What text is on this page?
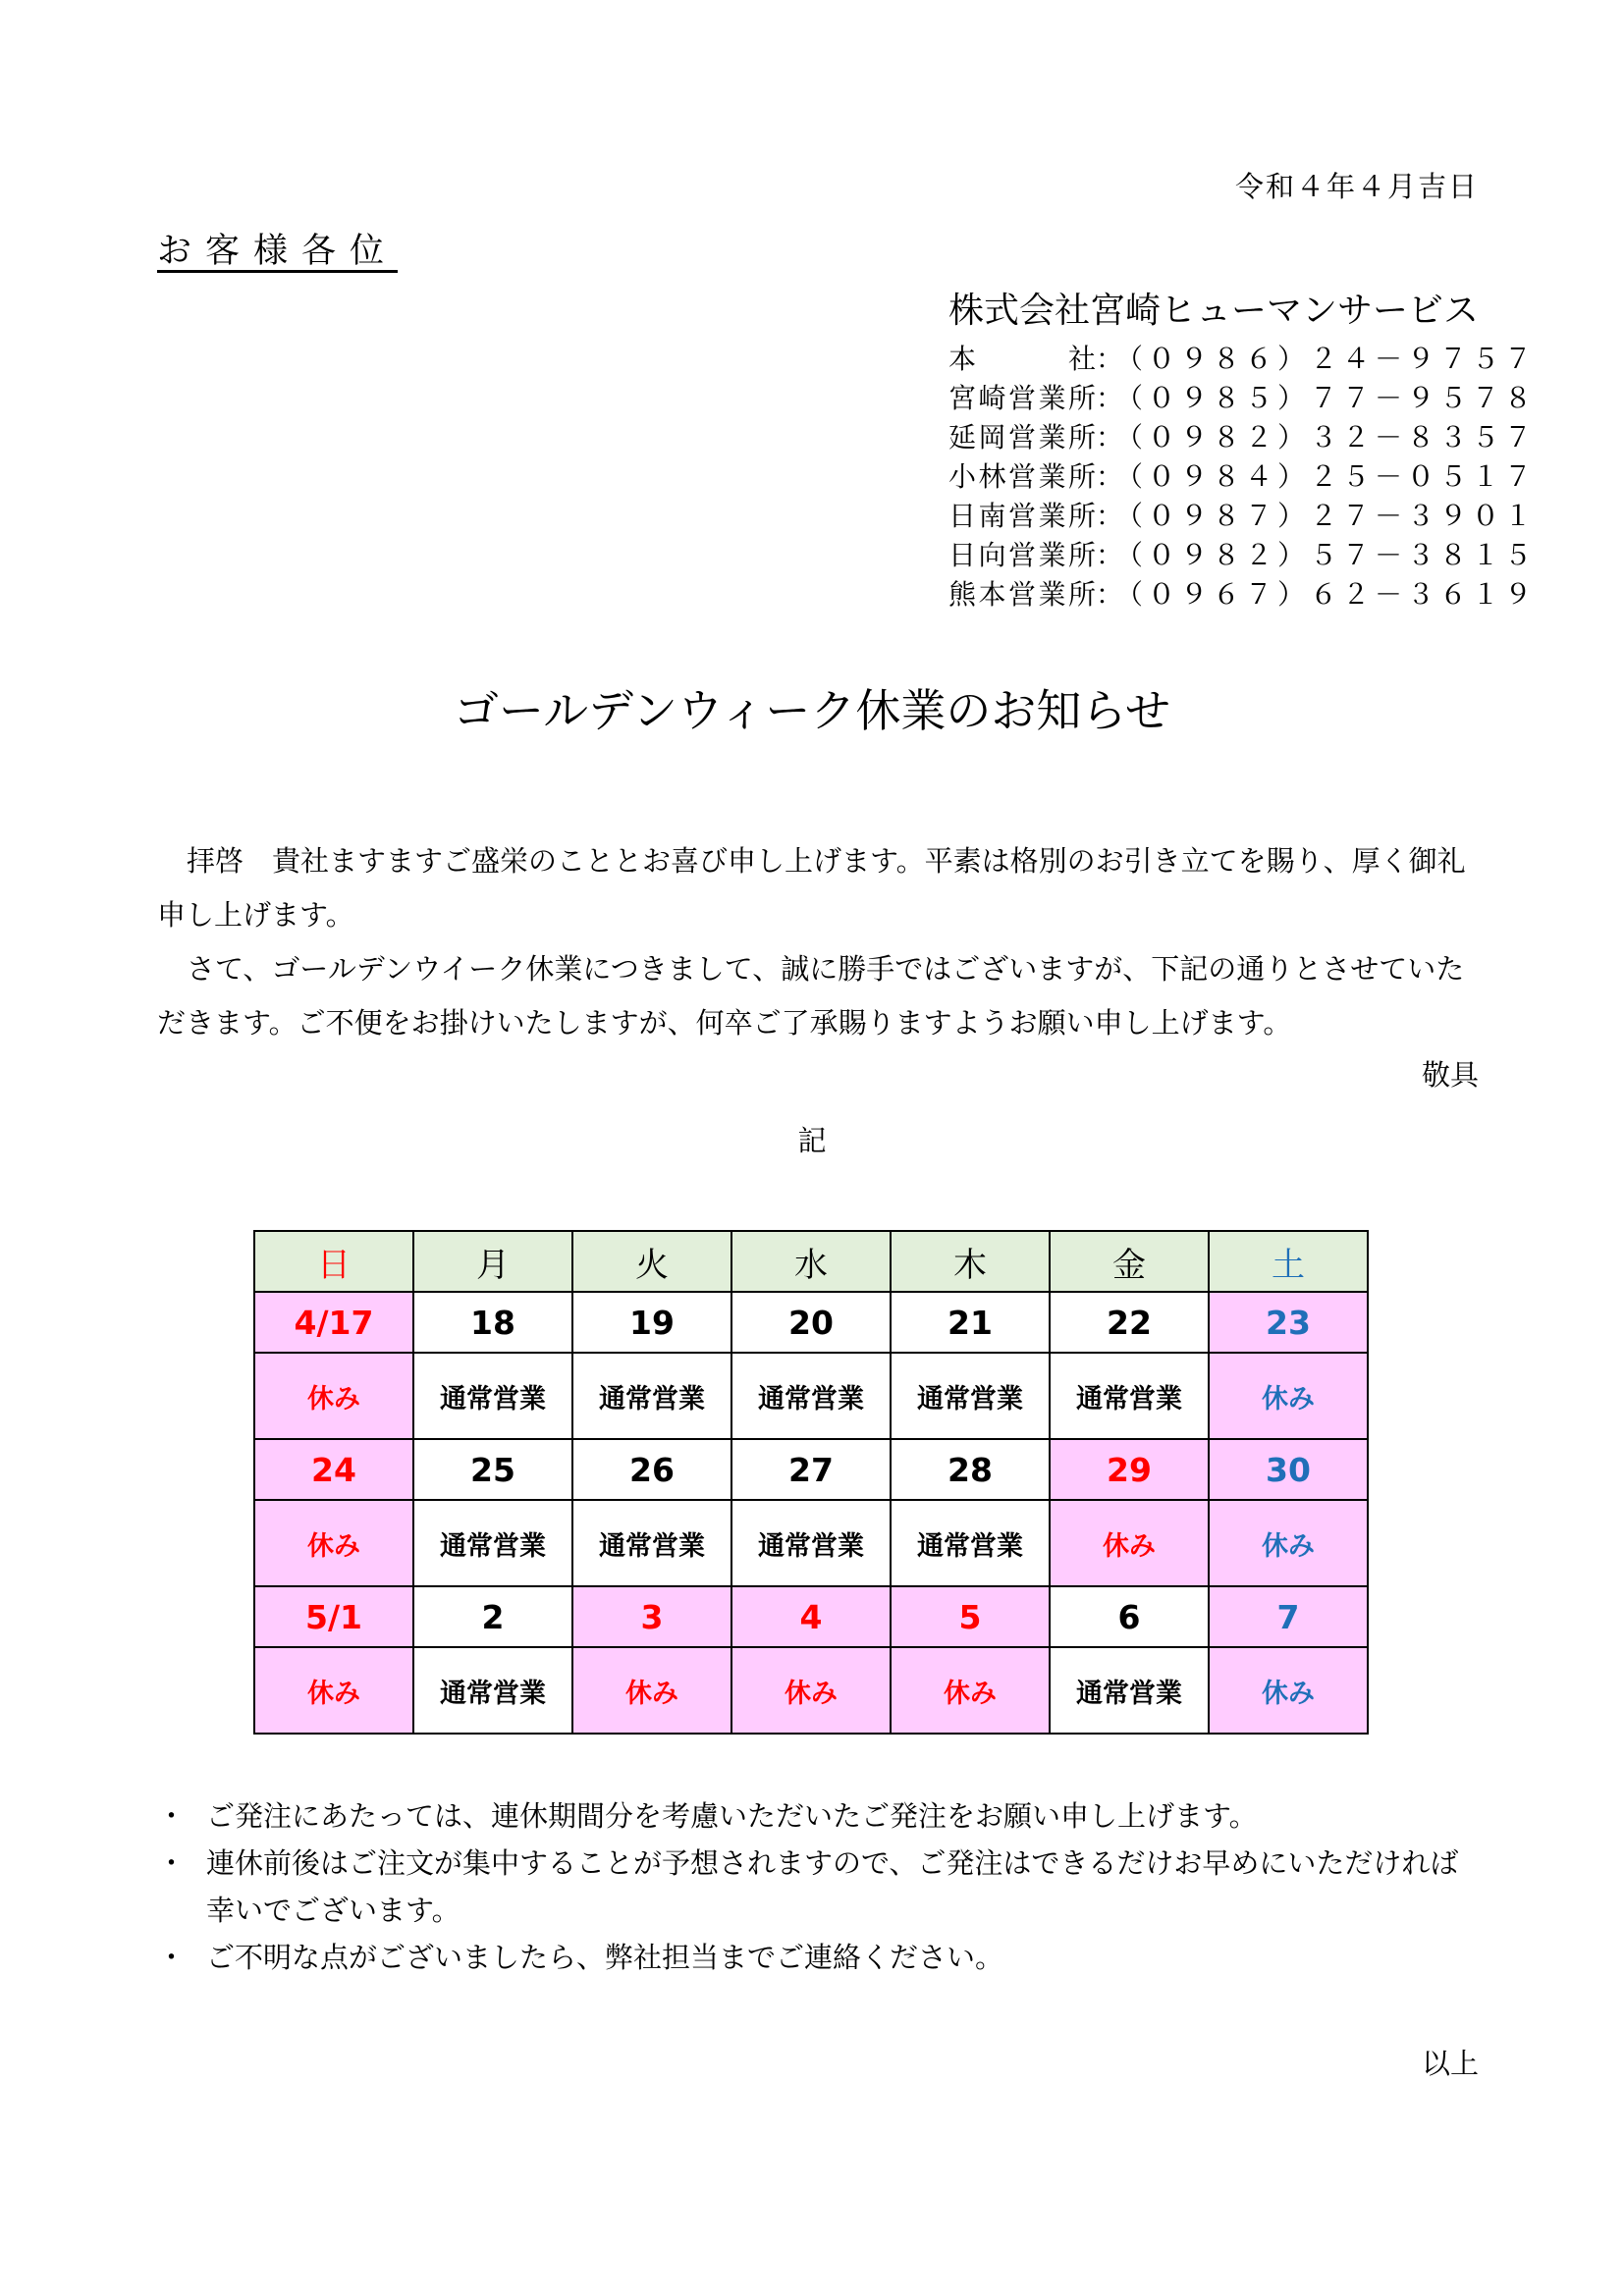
令和４年４月吉日
お客様各位
株式会社宮崎ヒューマンサービス
本社 ：
（０９８６）２４－９７５７
宮崎営業所 ：
（０９８５）７７－９５７８
延岡営業所 ：
（０９８２）３２－８３５７
小林営業所 ：
（０９８４）２５－０５１７
日南営業所 ：
（０９８７）２７－３９０１
日向営業所 ：
（０９８２）５７－３８１５
熊本営業所 ：
（０９６７）６２－３６１９
ゴールデンウィーク休業のお知らせ

拝啓　貴社ますますご盛栄のこととお喜び申し上げます。平素は格別のお引き立てを賜り、厚く御礼申し上げます。

さて、ゴールデンウイーク休業につきまして、誠に勝手ではございますが、下記の通りとさせていただきます。ご不便をお掛けいたしますが、何卒ご了承賜りますようお願い申し上げます。

敬具
記
日	月	火	水	木	金	土
4/17	18	19	20	21	22	23
休み	通常営業	通常営業	通常営業	通常営業	通常営業	休み
24	25	26	27	28	29	30
休み	通常営業	通常営業	通常営業	通常営業	休み	休み
5/1	2	3	4	5	6	7
休み	通常営業	休み	休み	休み	通常営業	休み
・ ご発注にあたっては、連休期間分を考慮いただいたご発注をお願い申し上げます。
・ 連休前後はご注文が集中することが予想されますので、ご発注はできるだけお早めにいただければ幸いでございます。
・ ご不明な点がございましたら、弊社担当までご連絡ください。
以上
